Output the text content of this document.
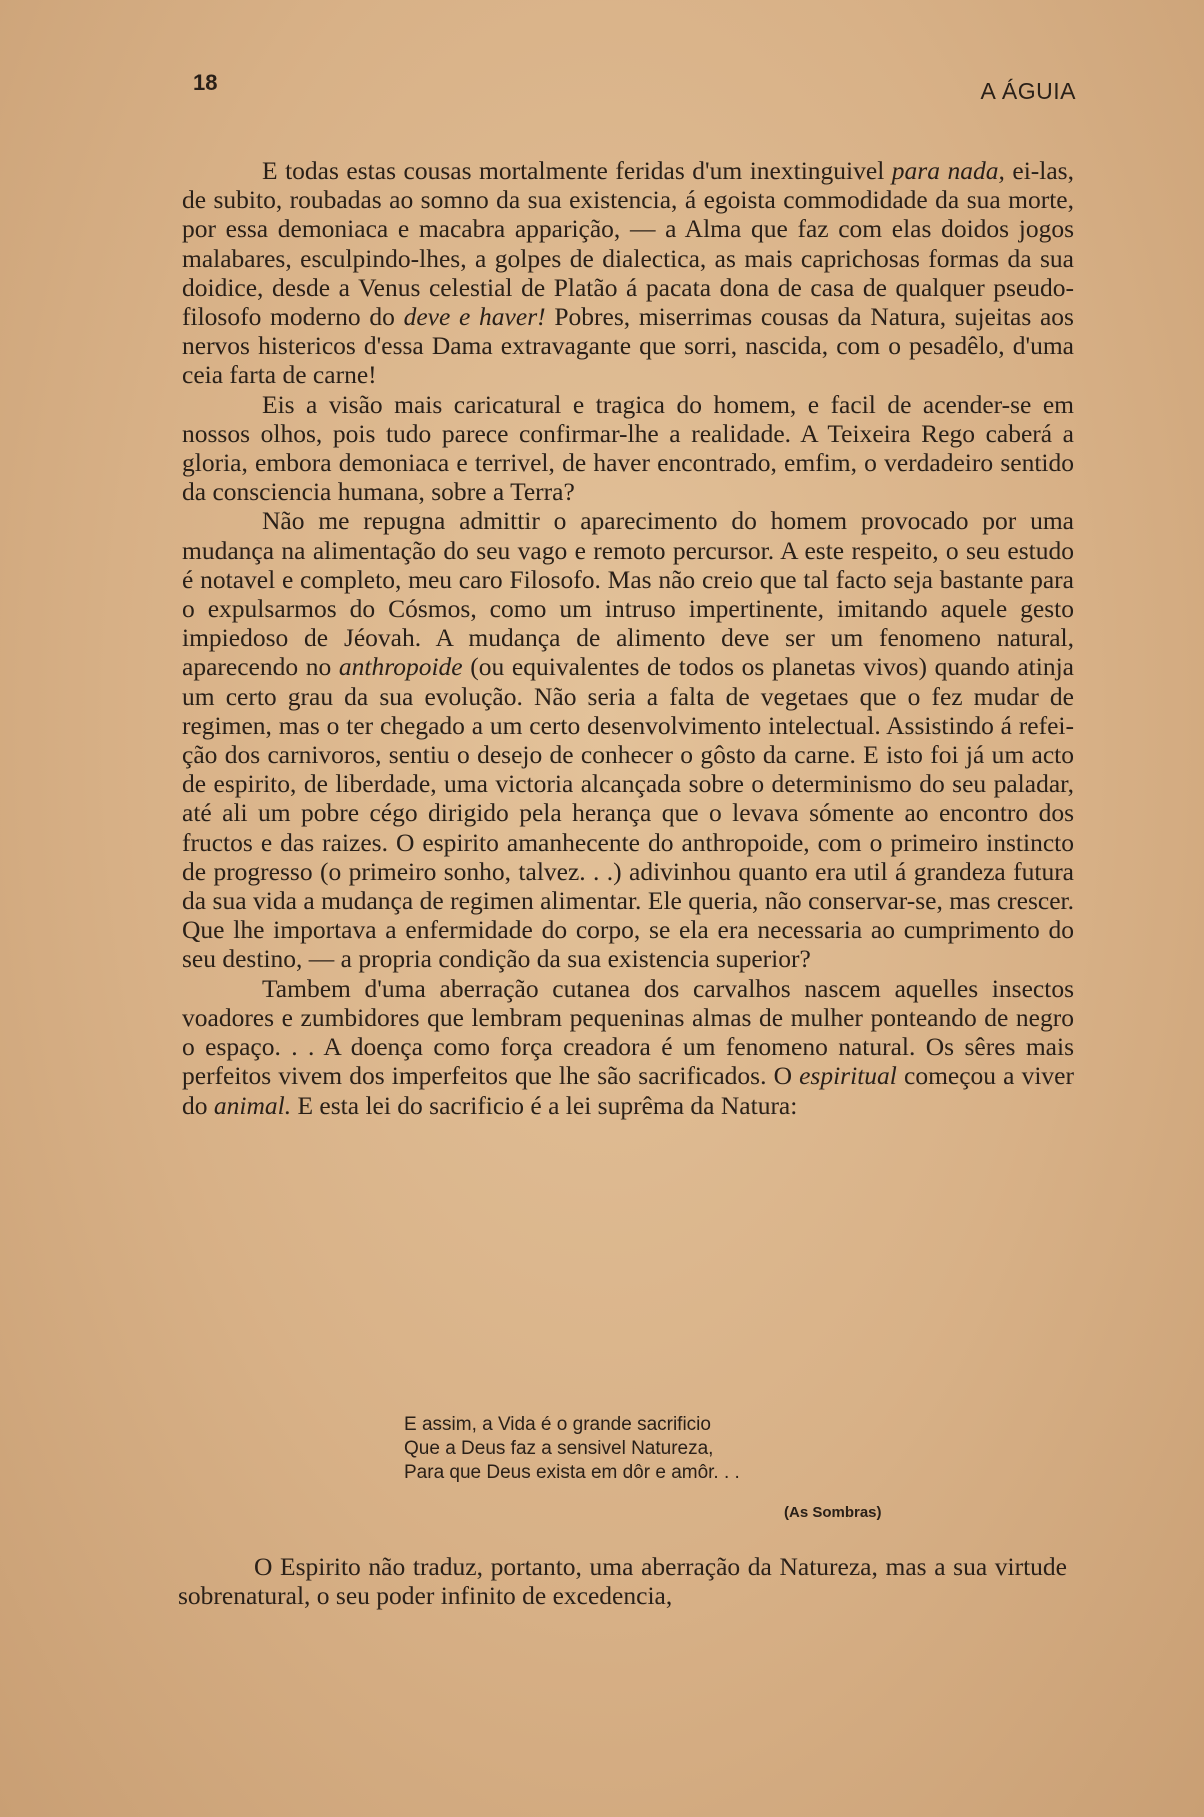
18	A ÁGUIA

E todas estas cousas mortalmente feridas d'um inextinguivel para nada, ei-las, de subito, roubadas ao somno da sua existencia, á egoista commodidade da sua morte, por essa demoniaca e macabra apparição, — a Alma que faz com elas doidos jogos malabares, esculpindo-lhes, a golpes de dialectica, as mais caprichosas formas da sua doidice, desde a Venus celestial de Platão á pacata dona de casa de qualquer pseudo-filosofo moderno do deve e haver! Pobres, miserrimas cousas da Natura, sujeitas aos nervos histericos d'essa Dama extravagante que sorri, nascida, com o pesadêlo, d'uma ceia farta de carne!

Eis a visão mais caricatural e tragica do homem, e facil de acender-se em nossos olhos, pois tudo parece confirmar-lhe a realidade. A Teixeira Rego caberá a gloria, embora demoniaca e terrivel, de haver encontrado, emfim, o verdadeiro sentido da consciencia humana, sobre a Terra?

Não me repugna admittir o aparecimento do homem provocado por uma mudança na alimentação do seu vago e remoto percursor. A este respeito, o seu estudo é notavel e completo, meu caro Filosofo. Mas não creio que tal facto seja bastante para o expulsarmos do Cósmos, como um intruso impertinente, imitando aquele gesto impiedoso de Jéovah. A mudança de alimento deve ser um fenomeno natural, aparecendo no anthropoide (ou equivalentes de todos os planetas vivos) quando atinja um certo grau da sua evolução. Não seria a falta de vegetaes que o fez mudar de regimen, mas o ter chegado a um certo desenvolvimento intelectual. Assistindo á refeição dos carnivoros, sentiu o desejo de conhecer o gôsto da carne. E isto foi já um acto de espirito, de liberdade, uma victoria alcançada sobre o determinismo do seu paladar, até ali um pobre cégo dirigido pela herança que o levava sómente ao encontro dos fructos e das raizes. O espirito amanhecente do anthropoide, com o primeiro instincto de progresso (o primeiro sonho, talvez. . .) adivinhou quanto era util á grandeza futura da sua vida a mudança de regimen alimentar. Ele queria, não conservar-se, mas crescer. Que lhe importava a enfermidade do corpo, se ela era necessaria ao cumprimento do seu destino, — a propria condição da sua existencia superior?

Tambem d'uma aberração cutanea dos carvalhos nascem aquelles insectos voadores e zumbidores que lembram pequeninas almas de mulher ponteando de negro o espaço. . . A doença como força creadora é um fenomeno natural. Os sêres mais perfeitos vivem dos imperfeitos que lhe são sacrificados. O espiritual começou a viver do animal. E esta lei do sacrificio é a lei suprêma da Natura:

E assim, a Vida é o grande sacrificio
Que a Deus faz a sensivel Natureza,
Para que Deus exista em dôr e amôr. . .
(As Sombras)

O Espirito não traduz, portanto, uma aberração da Natureza, mas a sua virtude sobrenatural, o seu poder infinito de excedencia,
